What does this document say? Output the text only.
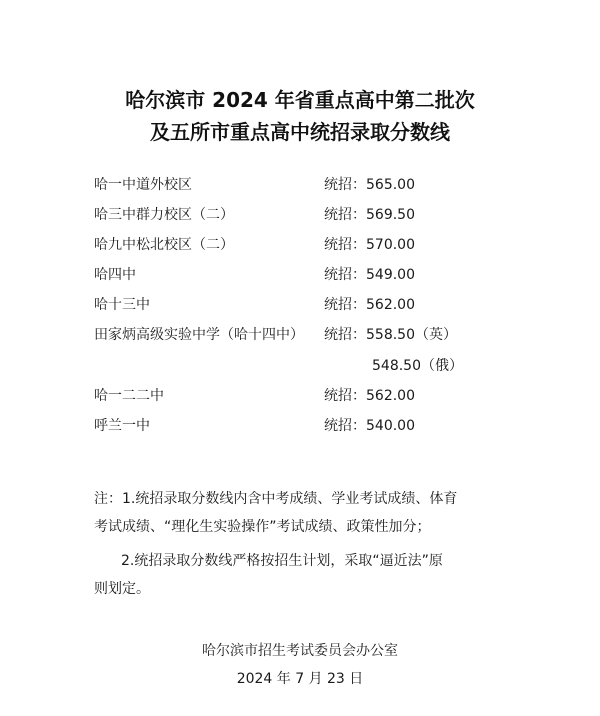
哈尔滨市 2024 年省重点高中第二批次
及五所市重点高中统招录取分数线
哈一中道外校区	统招：565.00
哈三中群力校区（二）	统招：569.50
哈九中松北校区（二）	统招：570.00
哈四中	统招：549.00
哈十三中	统招：562.00
田家炳高级实验中学（哈十四中） 统招：558.50（英）
548.50（俄）
哈一二二中	统招：562.00
呼兰一中	统招：540.00
注：1.统招录取分数线内含中考成绩、学业考试成绩、体育
考试成绩、“理化生实验操作”考试成绩、政策性加分；
2.统招录取分数线严格按招生计划，采取“逼近法”原
则划定。
哈尔滨市招生考试委员会办公室
2024 年 7 月 23 日
